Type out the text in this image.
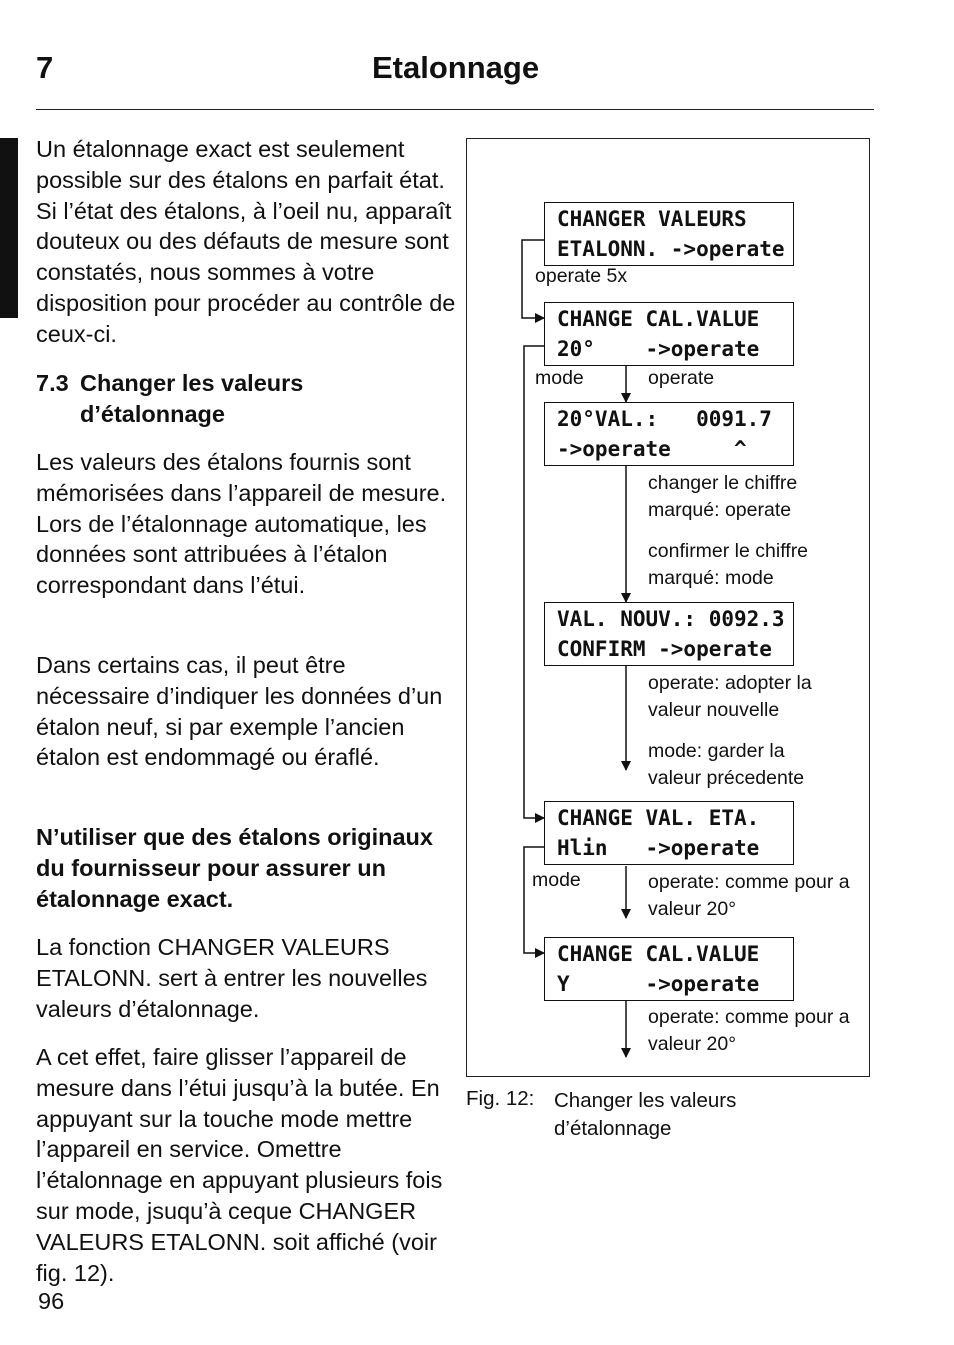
7	Etalonnage
Un étalonnage exact est seulement possible sur des étalons en parfait état. Si l’état des étalons, à l’oeil nu, apparaît douteux ou des défauts de mesure sont constatés, nous sommes à votre disposition pour procéder au contrôle de ceux-ci.
7.3 Changer les valeurs d’étalonnage
Les valeurs des étalons fournis sont mémorisées dans l’appareil de mesure. Lors de l’étalonnage automatique, les données sont attribuées à l’étalon correspondant dans l’étui.
Dans certains cas, il peut être nécessaire d’indiquer les données d’un étalon neuf, si par exemple l’ancien étalon est endommagé ou éraflé.
N’utiliser que des étalons originaux du fournisseur pour assurer un étalonnage exact.
La fonction CHANGER VALEURS ETALONN. sert à entrer les nouvelles valeurs d’étalonnage.
A cet effet, faire glisser l’appareil de mesure dans l’étui jusqu’à la butée. En appuyant sur la touche mode mettre l’appareil en service. Omettre l’étalonnage en appuyant plusieurs fois sur mode, jsuqu’à ceque CHANGER VALEURS ETALONN. soit affiché (voir fig. 12).
96
CHANGER VALEURS
ETALONN. ->operate
CHANGE CAL.VALUE
20°    ->operate
20°VAL.:   0091.7
->operate     ^
VAL. NOUV.: 0092.3
CONFIRM ->operate
CHANGE VAL. ETA.
Hlin   ->operate
CHANGE CAL.VALUE
Y      ->operate
operate 5x
mode	operate
changer le chiffre marqué: operate
confirmer le chiffre marqué: mode
operate: adopter la valeur nouvelle
mode: garder la valeur précedente
mode	operate: comme pour a valeur 20°
operate: comme pour a valeur 20°
Fig. 12: Changer les valeurs d’étalonnage
